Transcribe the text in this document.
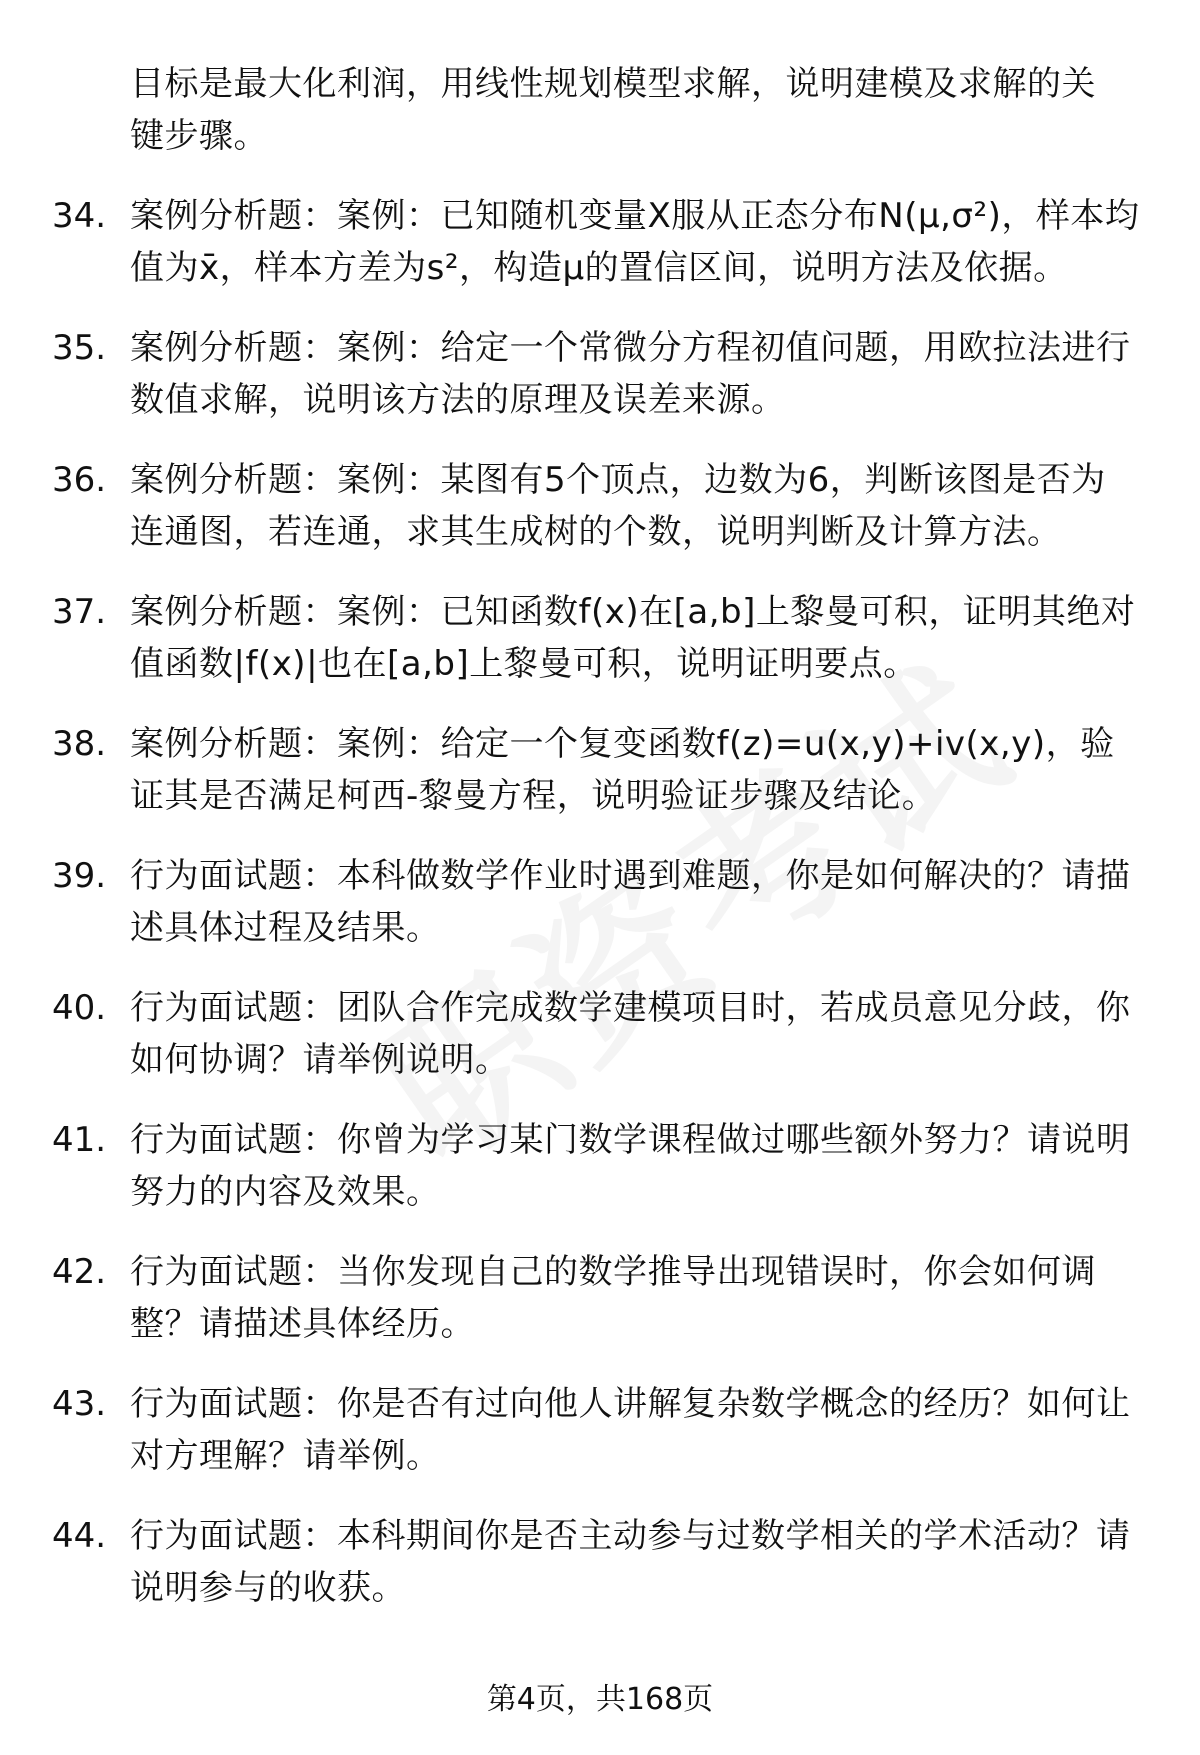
目标是最大化利润，用线性规划模型求解，说明建模及求解的关
键步骤。
34. 案例分析题：案例：已知随机变量X服从正态分布N(μ,σ²)，样本均值为x̄，样本方差为s²，构造μ的置信区间，说明方法及依据。
35. 案例分析题：案例：给定一个常微分方程初值问题，用欧拉法进行数值求解，说明该方法的原理及误差来源。
36. 案例分析题：案例：某图有5个顶点，边数为6，判断该图是否为连通图，若连通，求其生成树的个数，说明判断及计算方法。
37. 案例分析题：案例：已知函数f(x)在[a,b]上黎曼可积，证明其绝对值函数|f(x)|也在[a,b]上黎曼可积，说明证明要点。
38. 案例分析题：案例：给定一个复变函数f(z)=u(x,y)+iv(x,y)，验证其是否满足柯西-黎曼方程，说明验证步骤及结论。
39. 行为面试题：本科做数学作业时遇到难题，你是如何解决的？请描述具体过程及结果。
40. 行为面试题：团队合作完成数学建模项目时，若成员意见分歧，你如何协调？请举例说明。
41. 行为面试题：你曾为学习某门数学课程做过哪些额外努力？请说明努力的内容及效果。
42. 行为面试题：当你发现自己的数学推导出现错误时，你会如何调整？请描述具体经历。
43. 行为面试题：你是否有过向他人讲解复杂数学概念的经历？如何让对方理解？请举例。
44. 行为面试题：本科期间你是否主动参与过数学相关的学术活动？请说明参与的收获。
第4页，共168页
